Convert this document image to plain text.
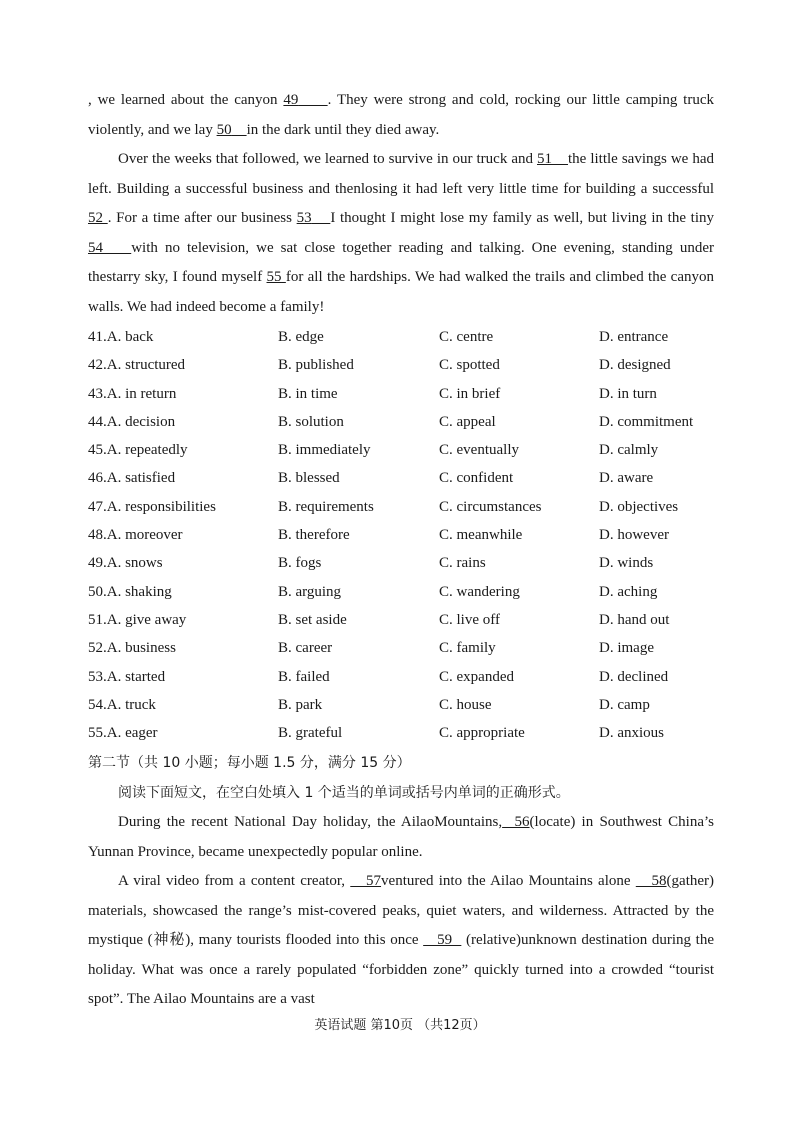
, we learned about the canyon 49 . They were strong and cold, rocking our little camping truck violently, and we lay 50 in the dark until they died away.

Over the weeks that followed, we learned to survive in our truck and 51 the little savings we had left. Building a successful business and thenlosing it had left very little time for building a successful 52 . For a time after our business 53 I thought I might lose my family as well, but living in the tiny 54 with no television, we sat close together reading and talking. One evening, standing under thestarry sky, I found myself 55 for all the hardships. We had walked the trails and climbed the canyon walls. We had indeed become a family!

41.A. back	B. edge	C. centre	D. entrance
42.A. structured	B. published	C. spotted	D. designed
43.A. in return	B. in time	C. in brief	D. in turn
44.A. decision	B. solution	C. appeal	D. commitment
45.A. repeatedly	B. immediately	C. eventually	D. calmly
46.A. satisfied	B. blessed	C. confident	D. aware
47.A. responsibilities	B. requirements	C. circumstances	D. objectives
48.A. moreover	B. therefore	C. meanwhile	D. however
49.A. snows	B. fogs	C. rains	D. winds
50.A. shaking	B. arguing	C. wandering	D. aching
51.A. give away	B. set aside	C. live off	D. hand out
52.A. business	B. career	C. family	D. image
53.A. started	B. failed	C. expanded	D. declined
54.A. truck	B. park	C. house	D. camp
55.A. eager	B. grateful	C. appropriate	D. anxious

第二节（共 10 小题；每小题 1.5 分，满分 15 分）

阅读下面短文，在空白处填入 1 个适当的单词或括号内单词的正确形式。

During the recent National Day holiday, the AilaoMountains,  56(locate) in Southwest China’s Yunnan Province, became unexpectedly popular online.

A viral video from a content creator,    57ventured into the Ailao Mountains alone    58(gather) materials, showcased the range’s mist-covered peaks, quiet waters, and wilderness. Attracted by the mystique (神秘), many tourists flooded into this once    59   (relative)unknown destination during the holiday. What was once a rarely populated “forbidden zone” quickly turned into a crowded “tourist spot”. The Ailao Mountains are a vast

英语试题 第10页 （共12页）
